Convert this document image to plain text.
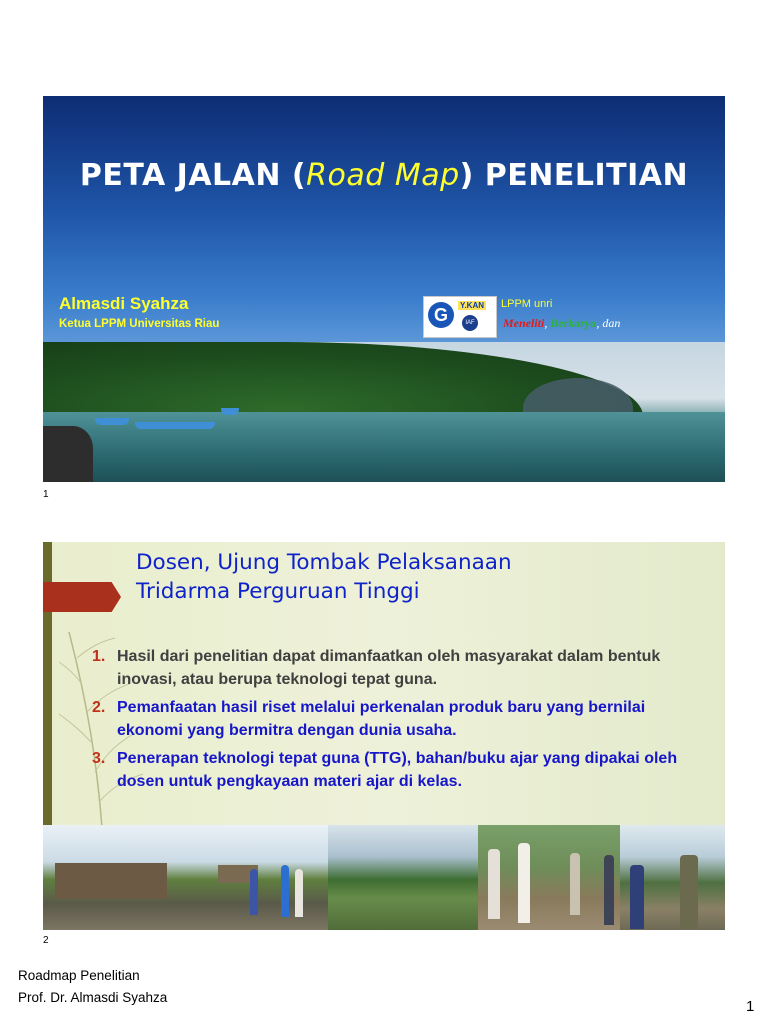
PETA JALAN (Road Map) PENELITIAN
Almasdi Syahza
Ketua LPPM Universitas Riau	G	Y.KAN
IAF
LPPM unri
Meneliti, Berkarya, dan
1
Dosen, Ujung Tombak Pelaksanaan
Tridarma Perguruan Tinggi
1. Hasil dari penelitian dapat dimanfaatkan oleh masyarakat dalam bentuk inovasi, atau berupa teknologi tepat guna.
2. Pemanfaatan hasil riset melalui perkenalan produk baru yang bernilai ekonomi yang bermitra dengan dunia usaha.
3. Penerapan teknologi tepat guna (TTG), bahan/buku ajar yang dipakai oleh dosen untuk pengkayaan materi ajar di kelas.
2
Roadmap Penelitian
Prof. Dr. Almasdi Syahza
1
